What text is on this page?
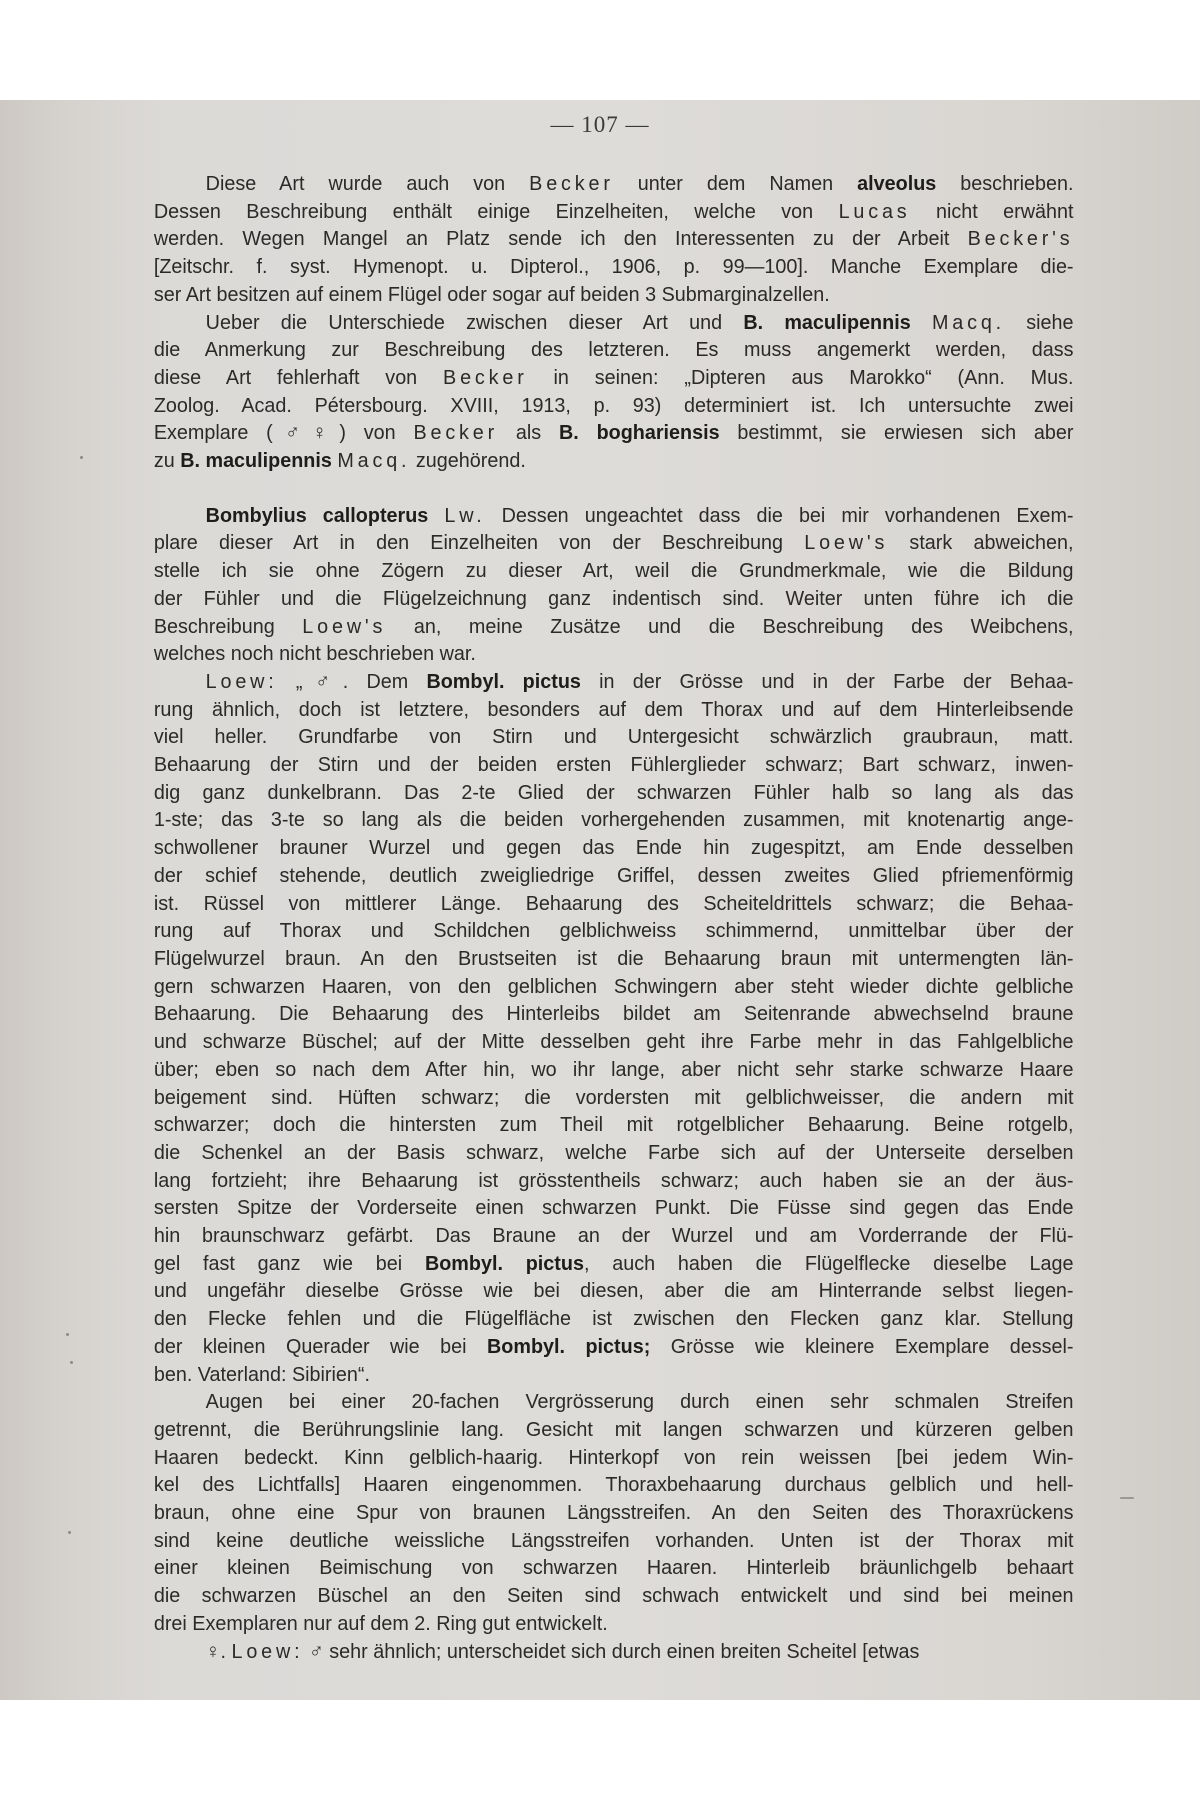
— 107 —
Diese Art wurde auch von Becker unter dem Namen alveolus beschrieben.
Dessen Beschreibung enthält einige Einzelheiten, welche von Lucas nicht erwähnt
werden. Wegen Mangel an Platz sende ich den Interessenten zu der Arbeit Becker's
[Zeitschr. f. syst. Hymenopt. u. Dipterol., 1906, p. 99—100]. Manche Exemplare die-
ser Art besitzen auf einem Flügel oder sogar auf beiden 3 Submarginalzellen.
Ueber die Unterschiede zwischen dieser Art und B. maculipennis Macq. siehe
die Anmerkung zur Beschreibung des letzteren. Es muss angemerkt werden, dass
diese Art fehlerhaft von Becker in seinen: „Dipteren aus Marokko“ (Ann. Mus.
Zoolog. Acad. Pétersbourg. XVIII, 1913, p. 93) determiniert ist. Ich untersuchte zwei
Exemplare (♂♀) von Becker als B. boghariensis bestimmt, sie erwiesen sich aber
zu B. maculipennis Macq. zugehörend.
Bombylius callopterus Lw. Dessen ungeachtet dass die bei mir vorhandenen Exem-
plare dieser Art in den Einzelheiten von der Beschreibung Loew's stark abweichen,
stelle ich sie ohne Zögern zu dieser Art, weil die Grundmerkmale, wie die Bildung
der Fühler und die Flügelzeichnung ganz indentisch sind. Weiter unten führe ich die
Beschreibung Loew's an, meine Zusätze und die Beschreibung des Weibchens,
welches noch nicht beschrieben war.
Loew: „♂. Dem Bombyl. pictus in der Grösse und in der Farbe der Behaa-
rung ähnlich, doch ist letztere, besonders auf dem Thorax und auf dem Hinterleibsende
viel heller. Grundfarbe von Stirn und Untergesicht schwärzlich graubraun, matt.
Behaarung der Stirn und der beiden ersten Fühlerglieder schwarz; Bart schwarz, inwen-
dig ganz dunkelbrann. Das 2-te Glied der schwarzen Fühler halb so lang als das
1-ste; das 3-te so lang als die beiden vorhergehenden zusammen, mit knotenartig ange-
schwollener brauner Wurzel und gegen das Ende hin zugespitzt, am Ende desselben
der schief stehende, deutlich zweigliedrige Griffel, dessen zweites Glied pfriemenförmig
ist. Rüssel von mittlerer Länge. Behaarung des Scheiteldrittels schwarz; die Behaa-
rung auf Thorax und Schildchen gelblichweiss schimmernd, unmittelbar über der
Flügelwurzel braun. An den Brustseiten ist die Behaarung braun mit untermengten län-
gern schwarzen Haaren, von den gelblichen Schwingern aber steht wieder dichte gelbliche
Behaarung. Die Behaarung des Hinterleibs bildet am Seitenrande abwechselnd braune
und schwarze Büschel; auf der Mitte desselben geht ihre Farbe mehr in das Fahlgelbliche
über; eben so nach dem After hin, wo ihr lange, aber nicht sehr starke schwarze Haare
beigement sind. Hüften schwarz; die vordersten mit gelblichweisser, die andern mit
schwarzer; doch die hintersten zum Theil mit rotgelblicher Behaarung. Beine rotgelb,
die Schenkel an der Basis schwarz, welche Farbe sich auf der Unterseite derselben
lang fortzieht; ihre Behaarung ist grösstentheils schwarz; auch haben sie an der äus-
sersten Spitze der Vorderseite einen schwarzen Punkt. Die Füsse sind gegen das Ende
hin braunschwarz gefärbt. Das Braune an der Wurzel und am Vorderrande der Flü-
gel fast ganz wie bei Bombyl. pictus, auch haben die Flügelflecke dieselbe Lage
und ungefähr dieselbe Grösse wie bei diesen, aber die am Hinterrande selbst liegen-
den Flecke fehlen und die Flügelfläche ist zwischen den Flecken ganz klar. Stellung
der kleinen Querader wie bei Bombyl. pictus; Grösse wie kleinere Exemplare dessel-
ben. Vaterland: Sibirien“.
Augen bei einer 20-fachen Vergrösserung durch einen sehr schmalen Streifen
getrennt, die Berührungslinie lang. Gesicht mit langen schwarzen und kürzeren gelben
Haaren bedeckt. Kinn gelblich-haarig. Hinterkopf von rein weissen [bei jedem Win-
kel des Lichtfalls] Haaren eingenommen. Thoraxbehaarung durchaus gelblich und hell-
braun, ohne eine Spur von braunen Längsstreifen. An den Seiten des Thoraxrückens
sind keine deutliche weissliche Längsstreifen vorhanden. Unten ist der Thorax mit
einer kleinen Beimischung von schwarzen Haaren. Hinterleib bräunlichgelb behaart
die schwarzen Büschel an den Seiten sind schwach entwickelt und sind bei meinen
drei Exemplaren nur auf dem 2. Ring gut entwickelt.
♀. Loew: ♂ sehr ähnlich; unterscheidet sich durch einen breiten Scheitel [etwas
